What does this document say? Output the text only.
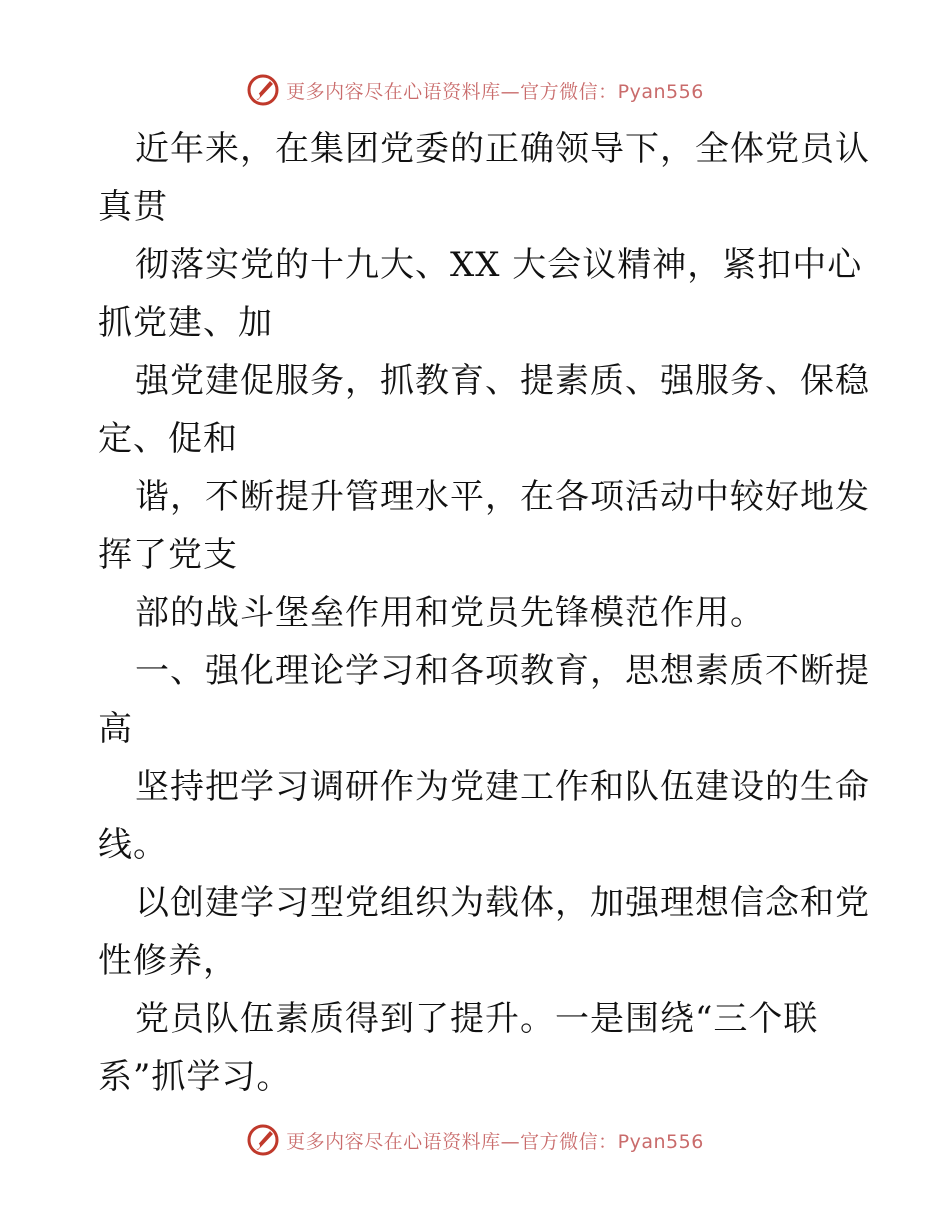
更多内容尽在心语资料库—官方微信：Pyan556

近年来，在集团党委的正确领导下，全体党员认
真贯

彻落实党的十九大、XX 大会议精神，紧扣中心
抓党建、加

强党建促服务，抓教育、提素质、强服务、保稳
定、促和

谐，不断提升管理水平，在各项活动中较好地发
挥了党支

部的战斗堡垒作用和党员先锋模范作用。

一、强化理论学习和各项教育，思想素质不断提
高

坚持把学习调研作为党建工作和队伍建设的生命
线。

以创建学习型党组织为载体，加强理想信念和党
性修养，

党员队伍素质得到了提升。一是围绕“三个联
系”抓学习。

更多内容尽在心语资料库—官方微信：Pyan556
